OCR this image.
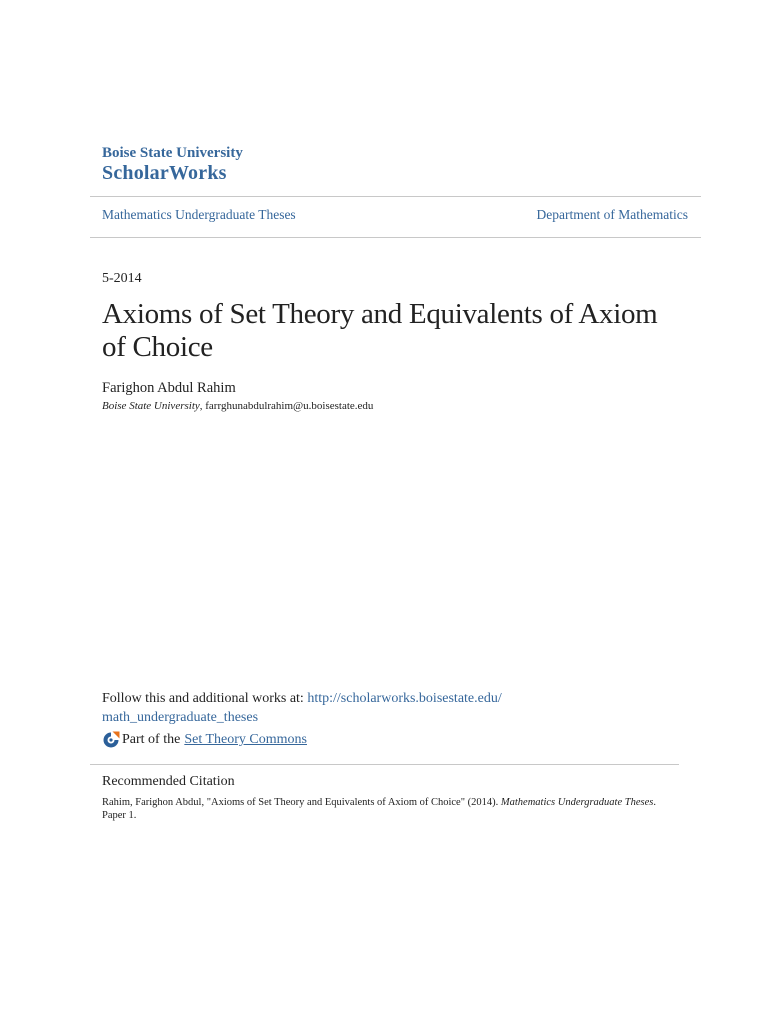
Boise State University
ScholarWorks
Mathematics Undergraduate Theses	Department of Mathematics
5-2014
Axioms of Set Theory and Equivalents of Axiom of Choice
Farighon Abdul Rahim
Boise State University, farrghunabdulrahim@u.boisestate.edu
Follow this and additional works at: http://scholarworks.boisestate.edu/
math_undergraduate_theses
Part of the Set Theory Commons
Recommended Citation
Rahim, Farighon Abdul, "Axioms of Set Theory and Equivalents of Axiom of Choice" (2014). Mathematics Undergraduate Theses. Paper 1.
